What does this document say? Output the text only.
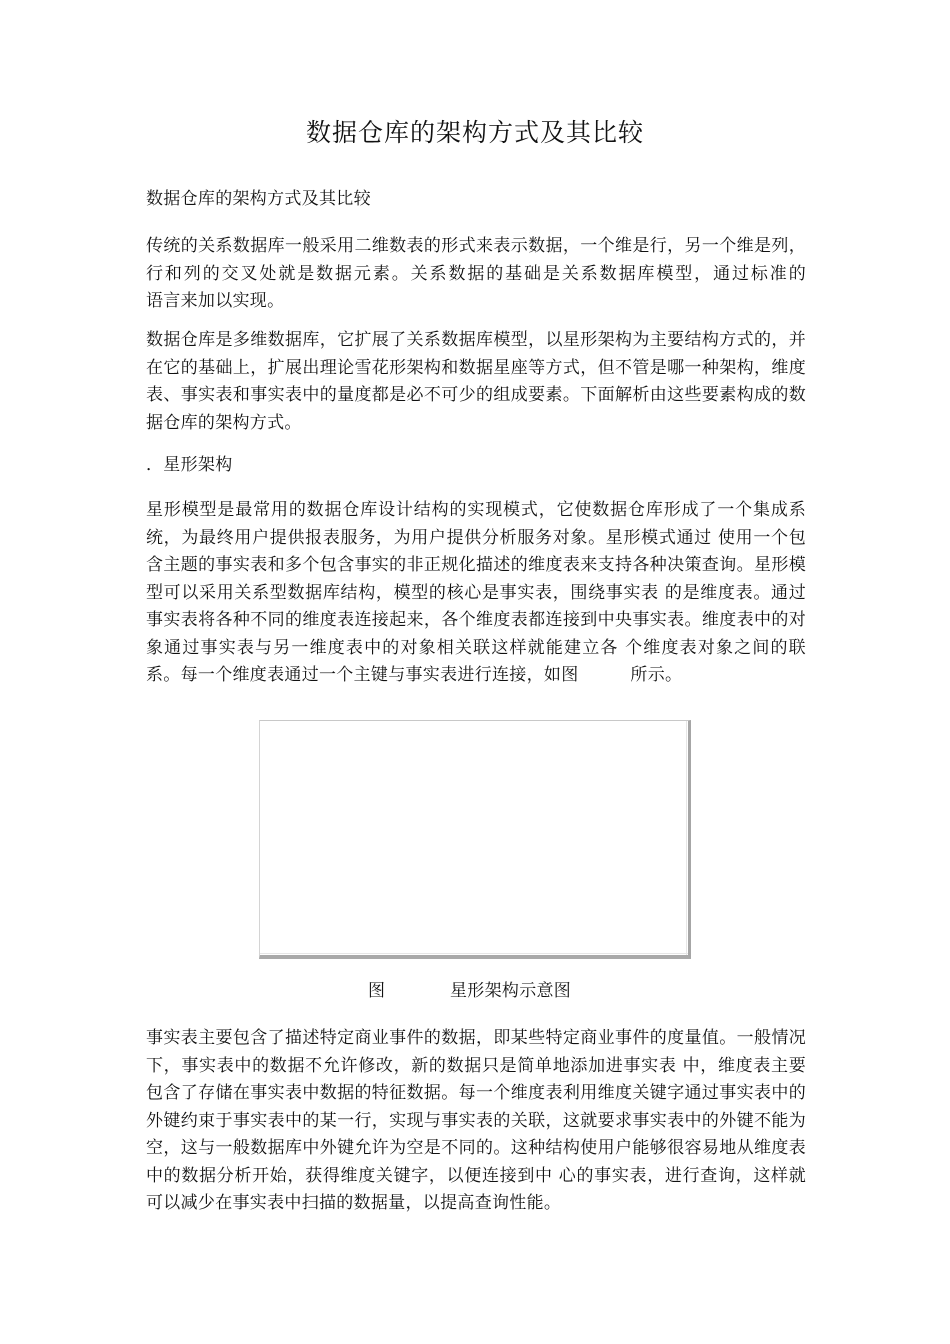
数据仓库的架构方式及其比较

数据仓库的架构方式及其比较

传统的关系数据库一般采用二维数表的形式来表示数据，一个维是行，另一个维是列，行和列的交叉处就是数据元素。关系数据的基础是关系数据库模型，通过标准的　　　语言来加以实现。

数据仓库是多维数据库，它扩展了关系数据库模型，以星形架构为主要结构方式的，并在它的基础上，扩展出理论雪花形架构和数据星座等方式，但不管是哪一种架构，维度表、事实表和事实表中的量度都是必不可少的组成要素。下面解析由这些要素构成的数据仓库的架构方式。

．星形架构

星形模型是最常用的数据仓库设计结构的实现模式，它使数据仓库形成了一个集成系统，为最终用户提供报表服务，为用户提供分析服务对象。星形模式通过 使用一个包含主题的事实表和多个包含事实的非正规化描述的维度表来支持各种决策查询。星形模型可以采用关系型数据库结构，模型的核心是事实表，围绕事实表 的是维度表。通过事实表将各种不同的维度表连接起来，各个维度表都连接到中央事实表。维度表中的对象通过事实表与另一维度表中的对象相关联这样就能建立各 个维度表对象之间的联系。每一个维度表通过一个主键与事实表进行连接，如图　　　所示。

图	星形架构示意图

事实表主要包含了描述特定商业事件的数据，即某些特定商业事件的度量值。一般情况下，事实表中的数据不允许修改，新的数据只是简单地添加进事实表 中，维度表主要包含了存储在事实表中数据的特征数据。每一个维度表利用维度关键字通过事实表中的外键约束于事实表中的某一行，实现与事实表的关联，这就要求事实表中的外键不能为空，这与一般数据库中外键允许为空是不同的。这种结构使用户能够很容易地从维度表中的数据分析开始，获得维度关键字，以便连接到中 心的事实表，进行查询，这样就可以减少在事实表中扫描的数据量，以提高查询性能。
